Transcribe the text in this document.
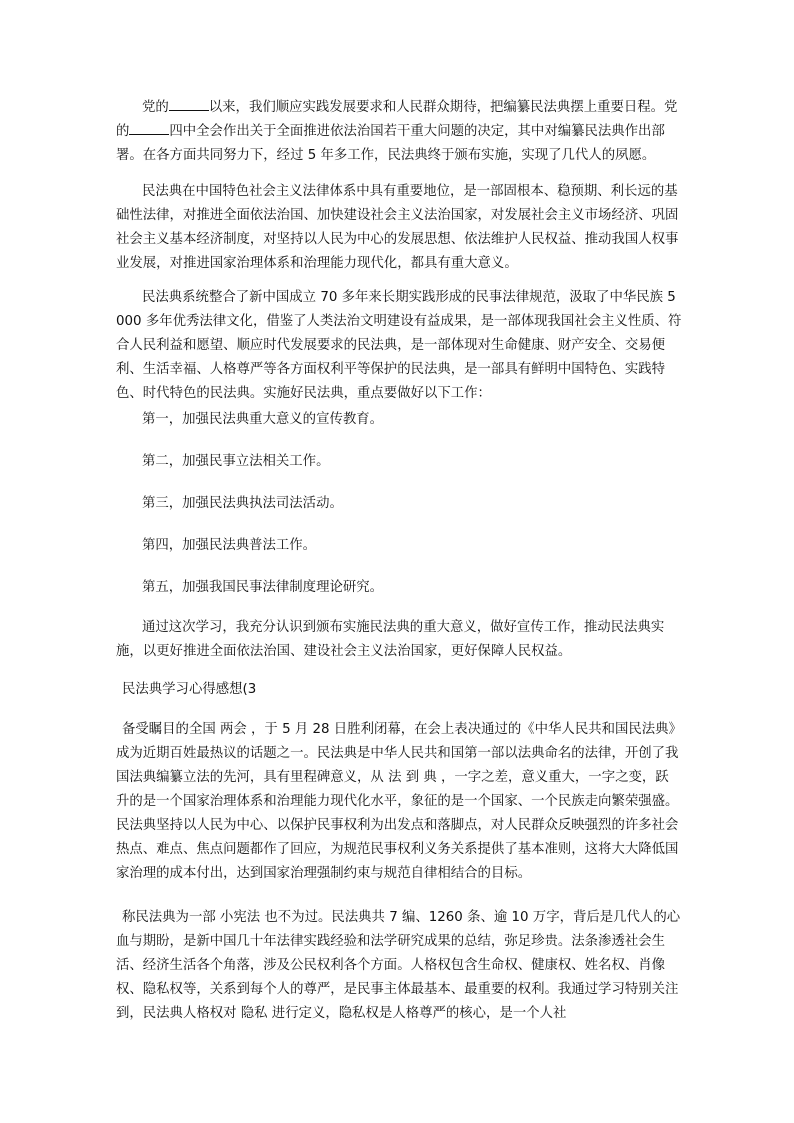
党的	以来，我们顺应实践发展要求和人民群众期待，把编纂民法典摆上重要日程。党的	四中全会作出关于全面推进依法治国若干重大问题的决定，其中对编纂民法典作出部署。在各方面共同努力下，经过 5 年多工作，民法典终于颁布实施，实现了几代人的夙愿。

民法典在中国特色社会主义法律体系中具有重要地位，是一部固根本、稳预期、利长远的基础性法律，对推进全面依法治国、加快建设社会主义法治国家，对发展社会主义市场经济、巩固社会主义基本经济制度，对坚持以人民为中心的发展思想、依法维护人民权益、推动我国人权事业发展，对推进国家治理体系和治理能力现代化，都具有重大意义。

民法典系统整合了新中国成立 70 多年来长期实践形成的民事法律规范，汲取了中华民族 5000 多年优秀法律文化，借鉴了人类法治文明建设有益成果，是一部体现我国社会主义性质、符合人民利益和愿望、顺应时代发展要求的民法典，是一部体现对生命健康、财产安全、交易便利、生活幸福、人格尊严等各方面权利平等保护的民法典，是一部具有鲜明中国特色、实践特色、时代特色的民法典。实施好民法典，重点要做好以下工作：

第一，加强民法典重大意义的宣传教育。

第二，加强民事立法相关工作。

第三，加强民法典执法司法活动。

第四，加强民法典普法工作。

第五，加强我国民事法律制度理论研究。

通过这次学习，我充分认识到颁布实施民法典的重大意义，做好宣传工作，推动民法典实施，以更好推进全面依法治国、建设社会主义法治国家，更好保障人民权益。

民法典学习心得感想(3

备受瞩目的全国 两会 ，于 5 月 28 日胜利闭幕，在会上表决通过的《中华人民共和国民法典》 成为近期百姓最热议的话题之一。民法典是中华人民共和国第一部以法典命名的法律，开创了我国法典编纂立法的先河，具有里程碑意义，从 法 到 典 ，一字之差，意义重大，一字之变，跃升的是一个国家治理体系和治理能力现代化水平，象征的是一个国家、一个民族走向繁荣强盛。民法典坚持以人民为中心、以保护民事权利为出发点和落脚点，对人民群众反映强烈的许多社会热点、难点、焦点问题都作了回应，为规范民事权利义务关系提供了基本准则，这将大大降低国家治理的成本付出，达到国家治理强制约束与规范自律相结合的目标。

称民法典为一部 小宪法 也不为过。民法典共 7 编、1260 条、逾 10 万字，背后是几代人的心血与期盼，是新中国几十年法律实践经验和法学研究成果的总结，弥足珍贵。法条渗透社会生活、经济生活各个角落，涉及公民权利各个方面。人格权包含生命权、健康权、姓名权、肖像权、隐私权等，关系到每个人的尊严，是民事主体最基本、最重要的权利。我通过学习特别关注到，民法典人格权对 隐私 进行定义，隐私权是人格尊严的核心，是一个人社
